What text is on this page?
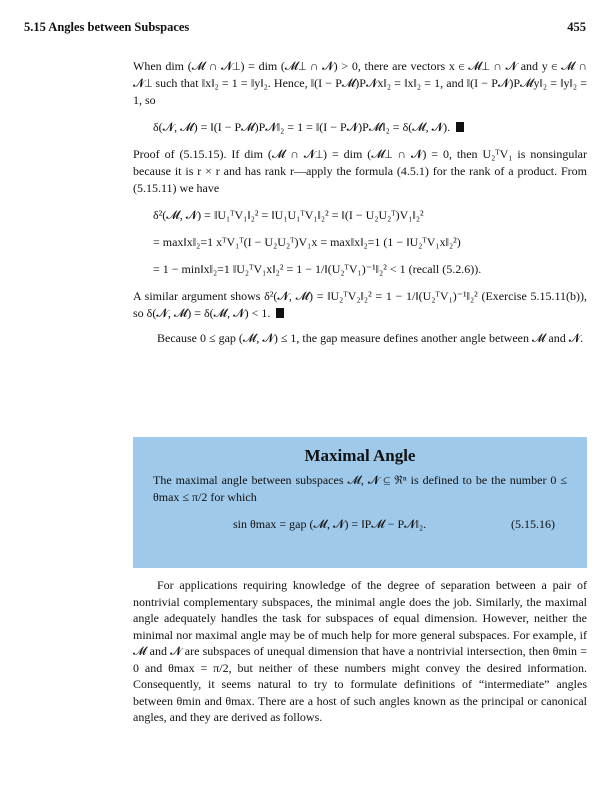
5.15 Angles between Subspaces	455

When dim (𝓜 ∩ 𝓝⊥) = dim (𝓜⊥ ∩ 𝓝) > 0, there are vectors x ∈ 𝓜⊥ ∩ 𝓝 and y ∈ 𝓜 ∩ 𝓝⊥ such that ‖x‖₂ = 1 = ‖y‖₂. Hence, ‖(I − P𝓜)P𝓝x‖₂ = ‖x‖₂ = 1, and ‖(I − P𝓝)P𝓜y‖₂ = ‖y‖₂ = 1, so

δ(𝓝, 𝓜) = ‖(I − P𝓜)P𝓝‖₂ = 1 = ‖(I − P𝓝)P𝓜‖₂ = δ(𝓜, 𝓝).

Proof of (5.15.15). If dim (𝓜 ∩ 𝓝⊥) = dim (𝓜⊥ ∩ 𝓝) = 0, then U₂ᵀV₁ is nonsingular because it is r × r and has rank r—apply the formula (4.5.1) for the rank of a product. From (5.15.11) we have

δ²(𝓜, 𝓝) = ‖U₁ᵀV₁‖₂² = ‖U₁U₁ᵀV₁‖₂² = ‖(I − U₂U₂ᵀ)V₁‖₂²
= max‖x‖₂=1 xᵀV₁ᵀ(I − U₂U₂ᵀ)V₁x = max‖x‖₂=1 (1 − ‖U₂ᵀV₁x‖₂²)
= 1 − min‖x‖₂=1 ‖U₂ᵀV₁x‖₂² = 1 − 1/‖(U₂ᵀV₁)⁻¹‖₂² < 1 (recall (5.2.6)).

A similar argument shows δ²(𝓝, 𝓜) = ‖U₂ᵀV₂‖₂² = 1 − 1/‖(U₂ᵀV₁)⁻¹‖₂² (Exercise 5.15.11(b)), so δ(𝓝, 𝓜) = δ(𝓜, 𝓝) < 1.

Because 0 ≤ gap (𝓜, 𝓝) ≤ 1, the gap measure defines another angle between 𝓜 and 𝓝.

Maximal Angle

The maximal angle between subspaces 𝓜, 𝓝 ⊆ ℜⁿ is defined to be the number 0 ≤ θmax ≤ π/2 for which

sin θmax = gap (𝓜, 𝓝) = ‖P𝓜 − P𝓝‖₂.	(5.15.16)

For applications requiring knowledge of the degree of separation between a pair of nontrivial complementary subspaces, the minimal angle does the job. Similarly, the maximal angle adequately handles the task for subspaces of equal dimension. However, neither the minimal nor maximal angle may be of much help for more general subspaces. For example, if 𝓜 and 𝓝 are subspaces of unequal dimension that have a nontrivial intersection, then θmin = 0 and θmax = π/2, but neither of these numbers might convey the desired information. Consequently, it seems natural to try to formulate definitions of “intermediate” angles between θmin and θmax. There are a host of such angles known as the principal or canonical angles, and they are derived as follows.
